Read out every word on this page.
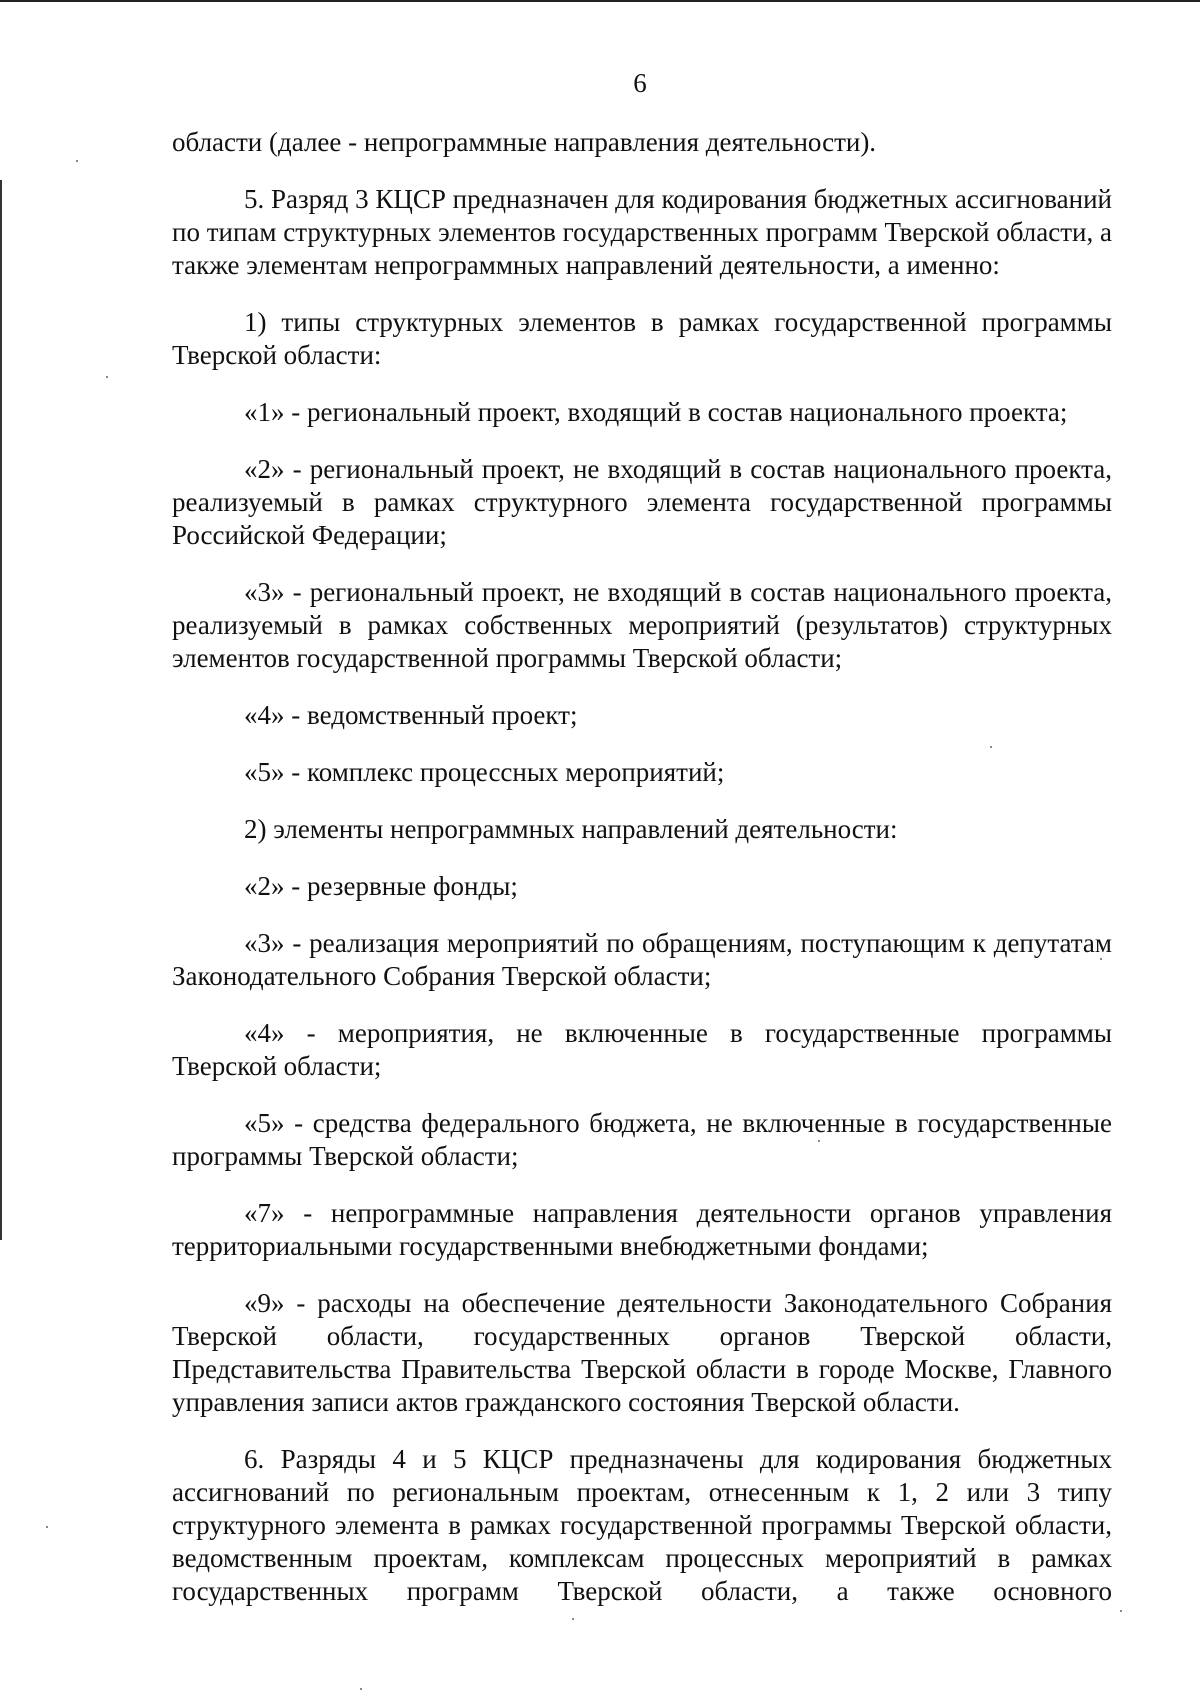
6

области (далее - непрограммные направления деятельности).

5. Разряд 3 КЦСР предназначен для кодирования бюджетных ассигнований по типам структурных элементов государственных программ Тверской области, а также элементам непрограммных направлений деятельности, а именно:

1) типы структурных элементов в рамках государственной программы Тверской области:

«1» - региональный проект, входящий в состав национального проекта;

«2» - региональный проект, не входящий в состав национального проекта, реализуемый в рамках структурного элемента государственной программы Российской Федерации;

«3» - региональный проект, не входящий в состав национального проекта, реализуемый в рамках собственных мероприятий (результатов) структурных элементов государственной программы Тверской области;

«4» - ведомственный проект;

«5» - комплекс процессных мероприятий;

2) элементы непрограммных направлений деятельности:

«2» - резервные фонды;

«3» - реализация мероприятий по обращениям, поступающим к депутатам Законодательного Собрания Тверской области;

«4» - мероприятия, не включенные в государственные программы Тверской области;

«5» - средства федерального бюджета, не включенные в государственные программы Тверской области;

«7» - непрограммные направления деятельности органов управления территориальными государственными внебюджетными фондами;

«9» - расходы на обеспечение деятельности Законодательного Собрания Тверской области, государственных органов Тверской области, Представительства Правительства Тверской области в городе Москве, Главного управления записи актов гражданского состояния Тверской области.

6. Разряды 4 и 5 КЦСР предназначены для кодирования бюджетных ассигнований по региональным проектам, отнесенным к 1, 2 или 3 типу структурного элемента в рамках государственной программы Тверской области, ведомственным проектам, комплексам процессных мероприятий в рамках государственных программ Тверской области, а также основного
